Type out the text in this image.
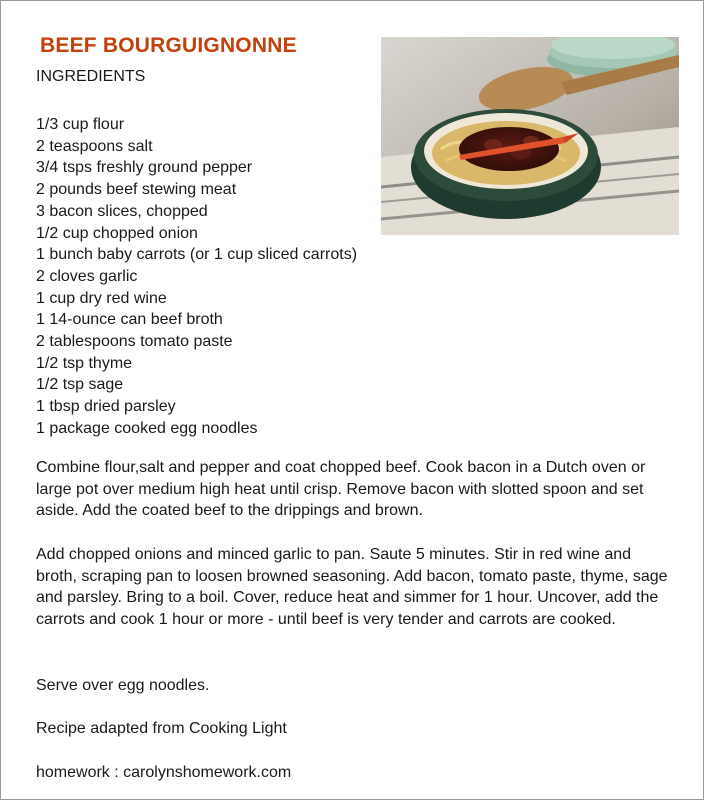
BEEF BOURGUIGNONNE
INGREDIENTS
1/3 cup flour
2 teaspoons salt
3/4 tsps freshly ground pepper
2 pounds beef stewing meat
3 bacon slices, chopped
1/2 cup chopped onion
1 bunch baby carrots (or 1 cup sliced carrots)
2 cloves garlic
1 cup dry red wine
1 14-ounce can beef broth
2 tablespoons tomato paste
1/2 tsp thyme
1/2 tsp sage
1 tbsp dried parsley
1 package cooked egg noodles

Combine flour,salt and pepper and coat chopped beef. Cook bacon in a Dutch oven or large pot over medium high heat until crisp. Remove bacon with slotted spoon and set aside. Add the coated beef to the drippings and brown.

Add chopped onions and minced garlic to pan. Saute 5 minutes. Stir in red wine and broth, scraping pan to loosen browned seasoning. Add bacon, tomato paste, thyme, sage and parsley. Bring to a boil. Cover, reduce heat and simmer for 1 hour. Uncover, add the carrots and cook 1 hour or more - until beef is very tender and carrots are cooked.

Serve over egg noodles.

Recipe adapted from Cooking Light

homework : carolynshomework.com
